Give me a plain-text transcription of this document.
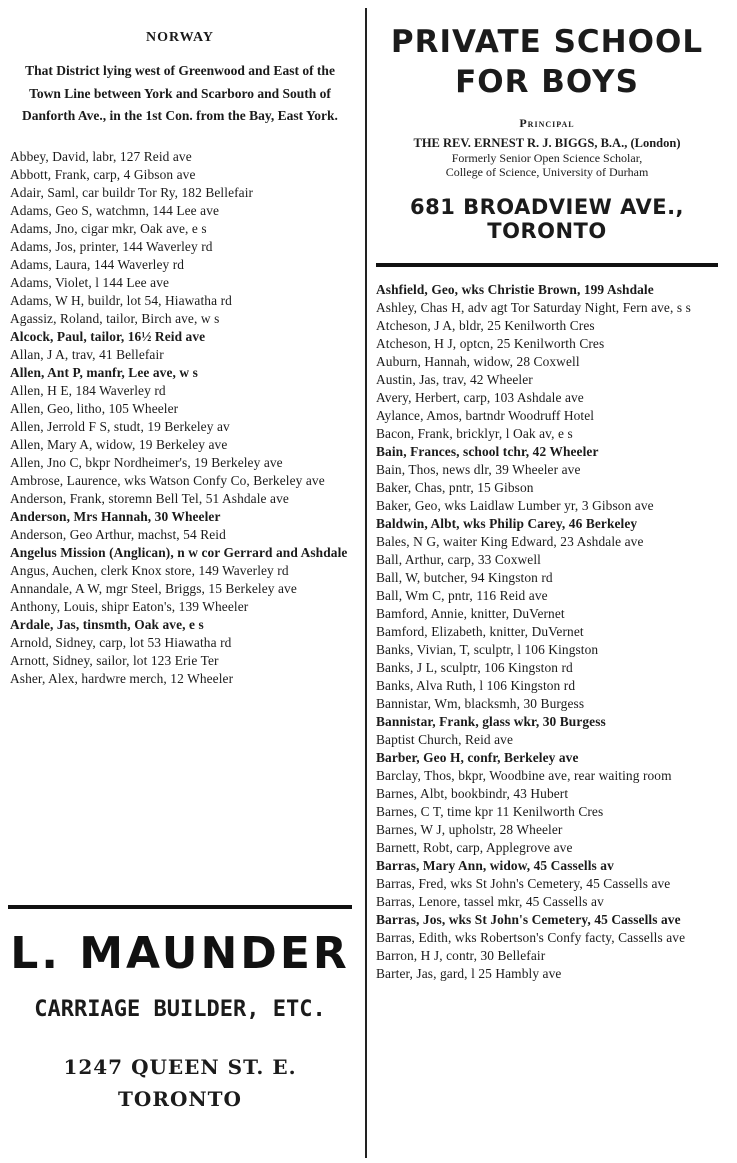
NORWAY
That District lying west of Greenwood and East of the Town Line between York and Scarboro and South of Danforth Ave., in the 1st Con. from the Bay, East York.
Abbey, David, labr, 127 Reid ave
Abbott, Frank, carp, 4 Gibson ave
Adair, Saml, car buildr Tor Ry, 182 Bellefair
Adams, Geo S, watchmn, 144 Lee ave
Adams, Jno, cigar mkr, Oak ave, e s
Adams, Jos, printer, 144 Waverley rd
Adams, Laura, 144 Waverley rd
Adams, Violet, l 144 Lee ave
Adams, W H, buildr, lot 54, Hiawatha rd
Agassiz, Roland, tailor, Birch ave, w s
Alcock, Paul, tailor, 16½ Reid ave
Allan, J A, trav, 41 Bellefair
Allen, Ant P, manfr, Lee ave, w s
Allen, H E, 184 Waverley rd
Allen, Geo, litho, 105 Wheeler
Allen, Jerrold F S, studt, 19 Berkeley av
Allen, Mary A, widow, 19 Berkeley ave
Allen, Jno C, bkpr Nordheimer's, 19 Berkeley ave
Ambrose, Laurence, wks Watson Confy Co, Berkeley ave
Anderson, Frank, storemn Bell Tel, 51 Ashdale ave
Anderson, Mrs Hannah, 30 Wheeler
Anderson, Geo Arthur, machst, 54 Reid
Angelus Mission (Anglican), n w cor Gerrard and Ashdale
Angus, Auchen, clerk Knox store, 149 Waverley rd
Annandale, A W, mgr Steel, Briggs, 15 Berkeley ave
Anthony, Louis, shipr Eaton's, 139 Wheeler
Ardale, Jas, tinsmth, Oak ave, e s
Arnold, Sidney, carp, lot 53 Hiawatha rd
Arnott, Sidney, sailor, lot 123 Erie Ter
Asher, Alex, hardwre merch, 12 Wheeler
L. MAUNDER
CARRIAGE BUILDER, ETC.
1247 QUEEN ST. E.
TORONTO
PRIVATE SCHOOL
FOR BOYS
Principal
THE REV. ERNEST R. J. BIGGS, B.A., (London)
Formerly Senior Open Science Scholar,
College of Science, University of Durham
681 BROADVIEW AVE., TORONTO
Ashfield, Geo, wks Christie Brown, 199 Ashdale
Ashley, Chas H, adv agt Tor Saturday Night, Fern ave, s s
Atcheson, J A, bldr, 25 Kenilworth Cres
Atcheson, H J, optcn, 25 Kenilworth Cres
Auburn, Hannah, widow, 28 Coxwell
Austin, Jas, trav, 42 Wheeler
Avery, Herbert, carp, 103 Ashdale ave
Aylance, Amos, bartndr Woodruff Hotel
Bacon, Frank, bricklyr, l Oak av, e s
Bain, Frances, school tchr, 42 Wheeler
Bain, Thos, news dlr, 39 Wheeler ave
Baker, Chas, pntr, 15 Gibson
Baker, Geo, wks Laidlaw Lumber yr, 3 Gibson ave
Baldwin, Albt, wks Philip Carey, 46 Berkeley
Bales, N G, waiter King Edward, 23 Ashdale ave
Ball, Arthur, carp, 33 Coxwell
Ball, W, butcher, 94 Kingston rd
Ball, Wm C, pntr, 116 Reid ave
Bamford, Annie, knitter, DuVernet
Bamford, Elizabeth, knitter, DuVernet
Banks, Vivian, T, sculptr, l 106 Kingston
Banks, J L, sculptr, 106 Kingston rd
Banks, Alva Ruth, l 106 Kingston rd
Bannistar, Wm, blacksmh, 30 Burgess
Bannistar, Frank, glass wkr, 30 Burgess
Baptist Church, Reid ave
Barber, Geo H, confr, Berkeley ave
Barclay, Thos, bkpr, Woodbine ave, rear waiting room
Barnes, Albt, bookbindr, 43 Hubert
Barnes, C T, time kpr 11 Kenilworth Cres
Barnes, W J, upholstr, 28 Wheeler
Barnett, Robt, carp, Applegrove ave
Barras, Mary Ann, widow, 45 Cassells av
Barras, Fred, wks St John's Cemetery, 45 Cassells ave
Barras, Lenore, tassel mkr, 45 Cassells av
Barras, Jos, wks St John's Cemetery, 45 Cassells ave
Barras, Edith, wks Robertson's Confy facty, Cassells ave
Barron, H J, contr, 30 Bellefair
Barter, Jas, gard, l 25 Hambly ave
